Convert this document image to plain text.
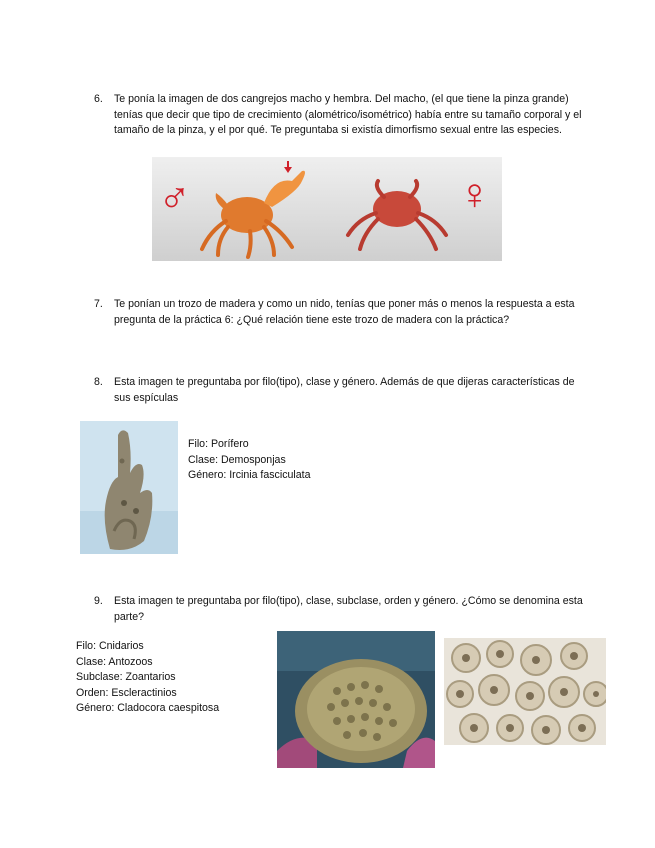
6.	Te ponía la imagen de dos cangrejos macho y hembra. Del macho, (el que tiene la pinza grande) tenías que decir que tipo de crecimiento (alométrico/isométrico) había entre su tamaño corporal y el tamaño de la pinza, y el por qué. Te preguntaba si existía dimorfismo sexual entre las especies.
♂	♀
7.	Te ponían un trozo de madera y como un nido, tenías que poner más o menos la respuesta a esta pregunta de la práctica 6: ¿Qué relación tiene este trozo de madera con la práctica?
8.	Esta imagen te preguntaba por filo(tipo), clase y género. Además de que dijeras características de sus espículas
Filo: Porífero
Clase: Demosponjas
Género: Ircinia fasciculata
9.	Esta imagen te preguntaba por filo(tipo), clase, subclase, orden y género. ¿Cómo se denomina esta parte?
Filo: Cnidarios
Clase: Antozoos
Subclase: Zoantarios
Orden: Escleractinios
Género: Cladocora caespitosa
